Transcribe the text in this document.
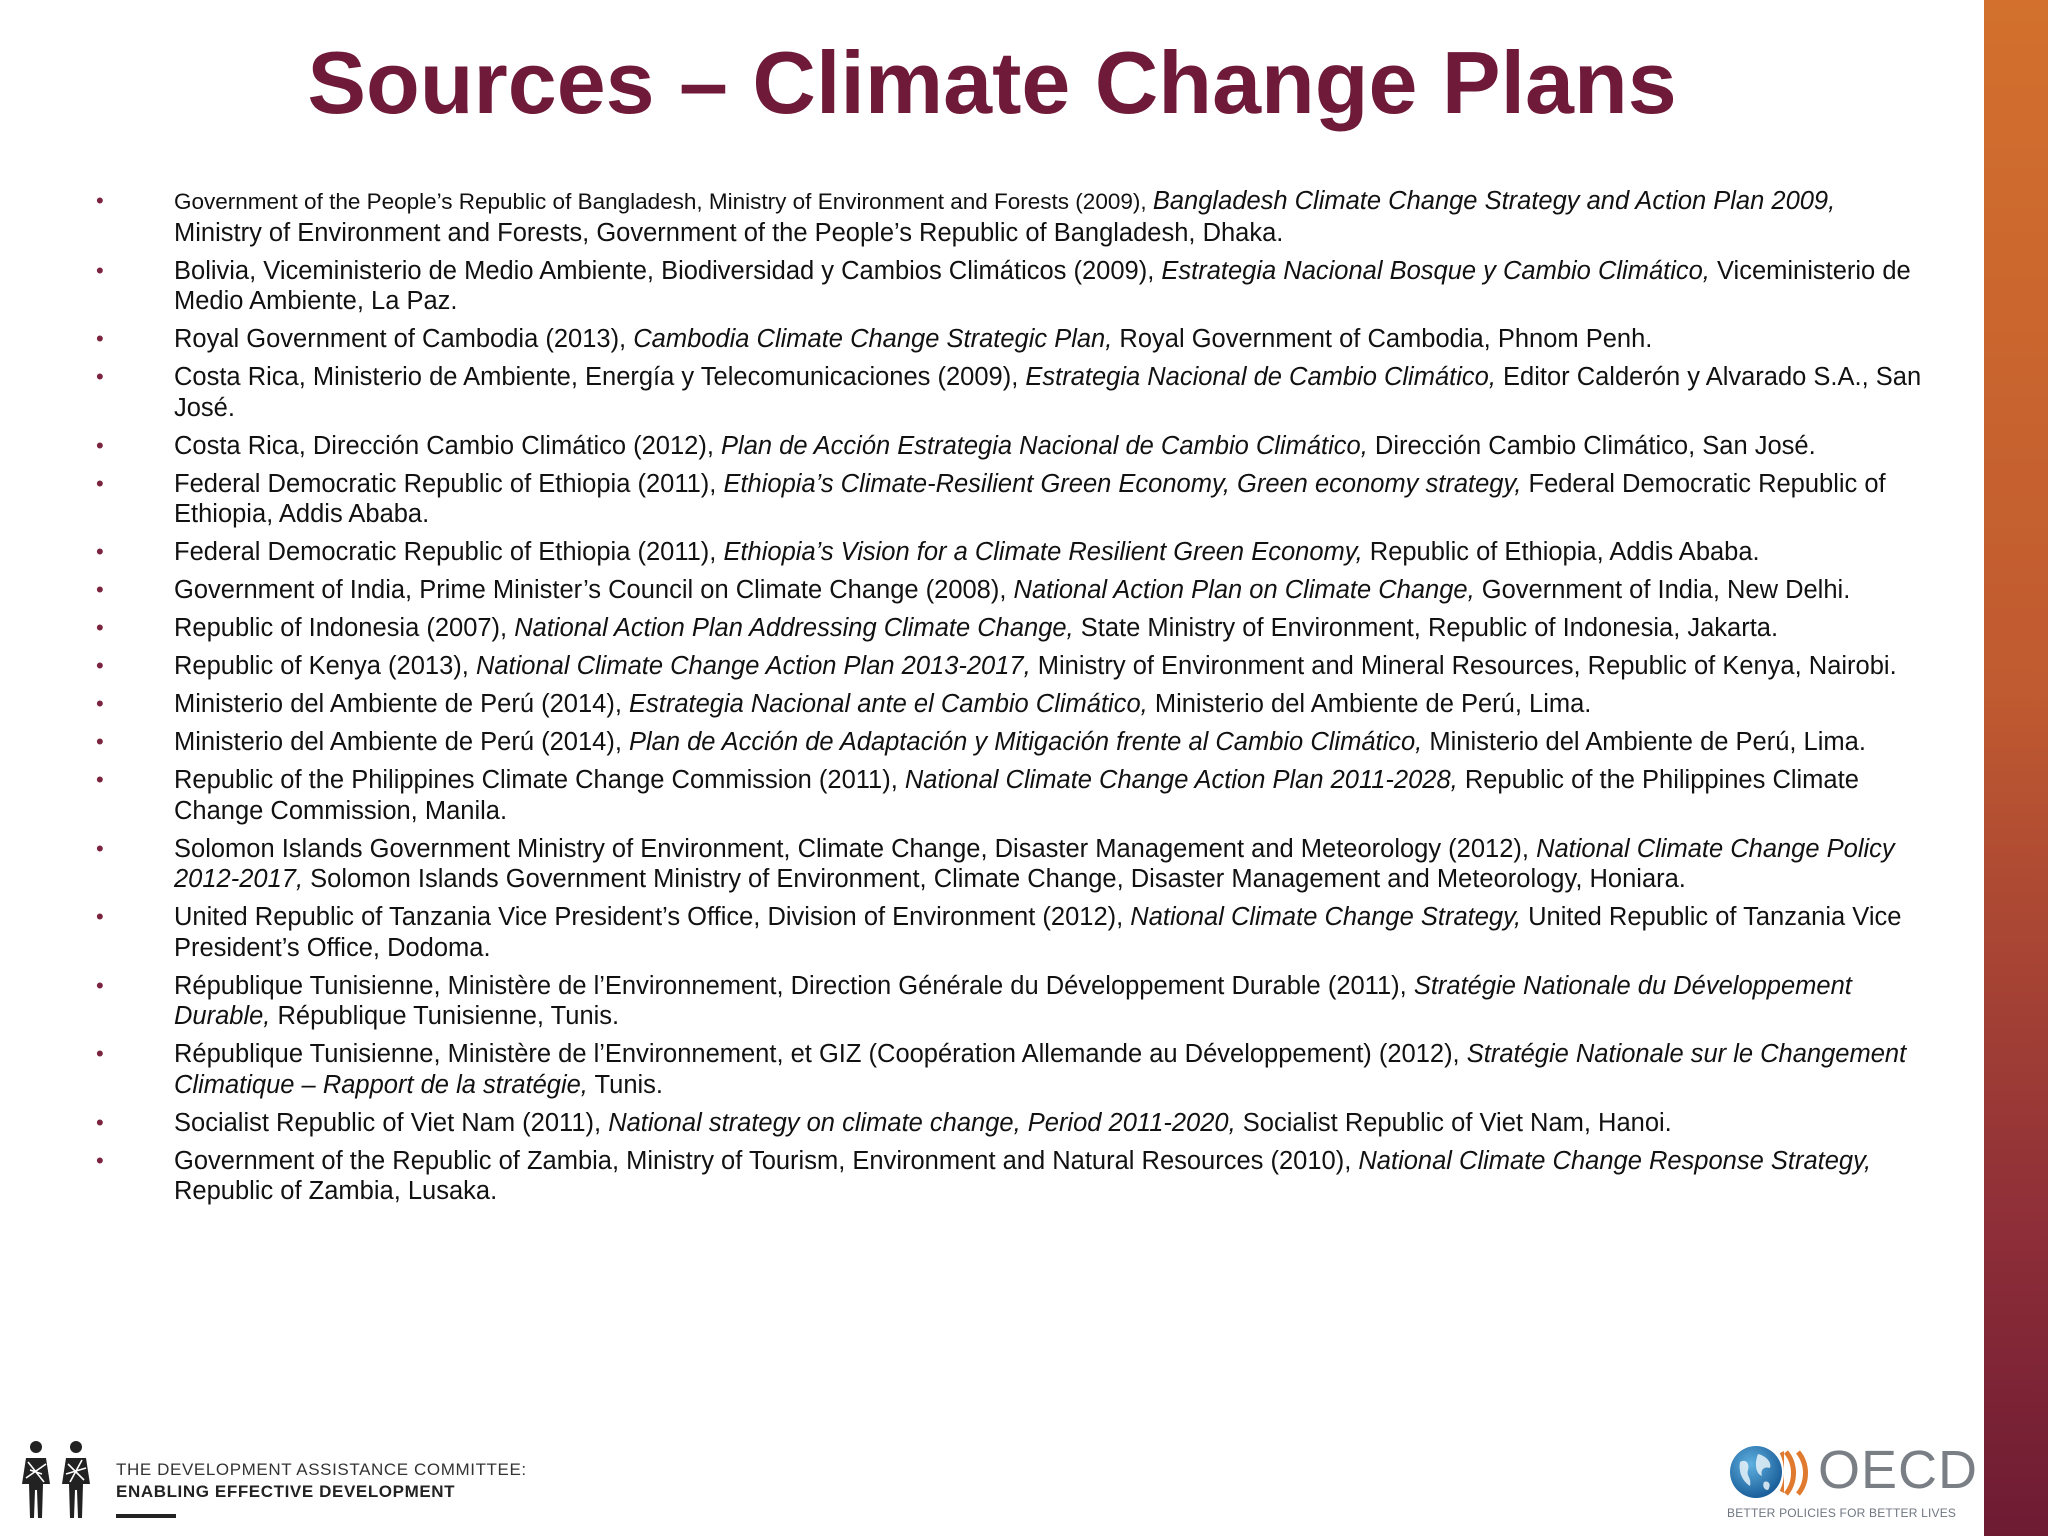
Sources – Climate Change Plans
•	Government of the People’s Republic of Bangladesh, Ministry of Environment and Forests (2009), Bangladesh Climate Change Strategy and Action Plan 2009, Ministry of Environment and Forests, Government of the People’s Republic of Bangladesh, Dhaka.
•	Bolivia, Viceministerio de Medio Ambiente, Biodiversidad y Cambios Climáticos (2009), Estrategia Nacional Bosque y Cambio Climático, Viceministerio de Medio Ambiente, La Paz.
•	Royal Government of Cambodia (2013), Cambodia Climate Change Strategic Plan, Royal Government of Cambodia, Phnom Penh.
•	Costa Rica, Ministerio de Ambiente, Energía y Telecomunicaciones (2009), Estrategia Nacional de Cambio Climático, Editor Calderón y Alvarado S.A., San José.
•	Costa Rica, Dirección Cambio Climático (2012), Plan de Acción Estrategia Nacional de Cambio Climático, Dirección Cambio Climático, San José.
•	Federal Democratic Republic of Ethiopia (2011), Ethiopia’s Climate-Resilient Green Economy, Green economy strategy, Federal Democratic Republic of Ethiopia, Addis Ababa.
•	Federal Democratic Republic of Ethiopia (2011), Ethiopia’s Vision for a Climate Resilient Green Economy, Republic of Ethiopia, Addis Ababa.
•	Government of India, Prime Minister’s Council on Climate Change (2008), National Action Plan on Climate Change, Government of India, New Delhi.
•	Republic of Indonesia (2007), National Action Plan Addressing Climate Change, State Ministry of Environment, Republic of Indonesia, Jakarta.
•	Republic of Kenya (2013), National Climate Change Action Plan 2013-2017, Ministry of Environment and Mineral Resources, Republic of Kenya, Nairobi.
•	Ministerio del Ambiente de Perú (2014), Estrategia Nacional ante el Cambio Climático, Ministerio del Ambiente de Perú, Lima.
•	Ministerio del Ambiente de Perú (2014), Plan de Acción de Adaptación y Mitigación frente al Cambio Climático, Ministerio del Ambiente de Perú, Lima.
•	Republic of the Philippines Climate Change Commission (2011), National Climate Change Action Plan 2011-2028, Republic of the Philippines Climate Change Commission, Manila.
•	Solomon Islands Government Ministry of Environment, Climate Change, Disaster Management and Meteorology (2012), National Climate Change Policy 2012-2017, Solomon Islands Government Ministry of Environment, Climate Change, Disaster Management and Meteorology, Honiara.
•	United Republic of Tanzania Vice President’s Office, Division of Environment (2012), National Climate Change Strategy, United Republic of Tanzania Vice President’s Office, Dodoma.
•	République Tunisienne, Ministère de l’Environnement, Direction Générale du Développement Durable (2011), Stratégie Nationale du Développement Durable, République Tunisienne, Tunis.
•	République Tunisienne, Ministère de l’Environnement, et GIZ (Coopération Allemande au Développement) (2012), Stratégie Nationale sur le Changement Climatique – Rapport de la stratégie, Tunis.
•	Socialist Republic of Viet Nam (2011), National strategy on climate change, Period 2011-2020, Socialist Republic of Viet Nam, Hanoi.
•	Government of the Republic of Zambia, Ministry of Tourism, Environment and Natural Resources (2010), National Climate Change Response Strategy, Republic of Zambia, Lusaka.
THE DEVELOPMENT ASSISTANCE COMMITTEE:
ENABLING EFFECTIVE DEVELOPMENT	OECD
BETTER POLICIES FOR BETTER LIVES
